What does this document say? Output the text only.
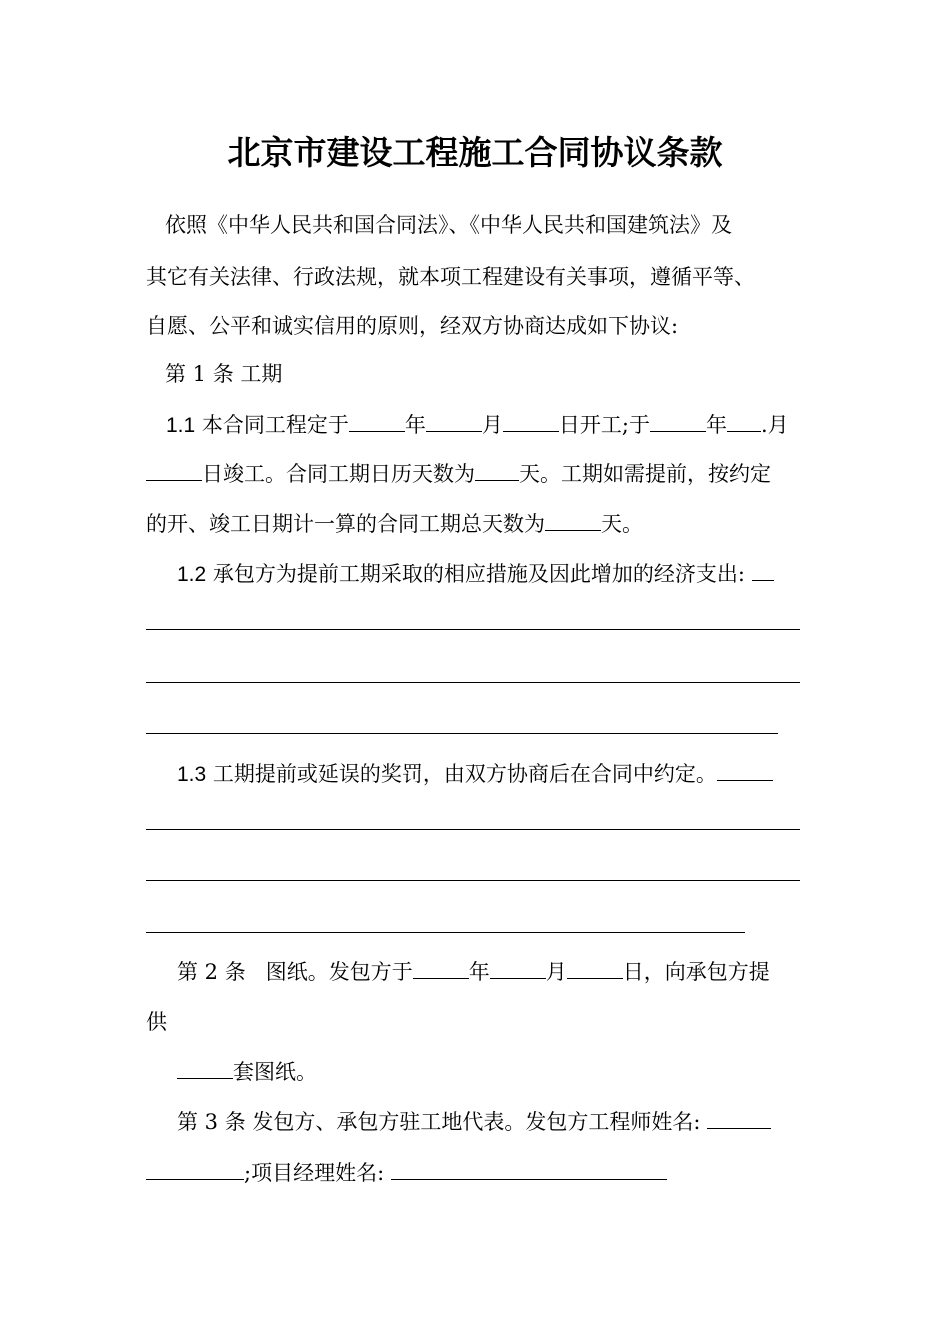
北京市建设工程施工合同协议条款
依照《中华人民共和国合同法》、《中华人民共和国建筑法》及
其它有关法律、行政法规，就本项工程建设有关事项，遵循平等、
自愿、公平和诚实信用的原则，经双方协商达成如下协议:
第 1 条 工期
1.1 本合同工程定于	年	月	日开工;于	年 .月
日竣工。合同工期日历天数为 天。工期如需提前，按约定
的开、竣工日期计一算的合同工期总天数为	天。
1.2 承包方为提前工期采取的相应措施及因此增加的经济支出:
1.3 工期提前或延误的奖罚，由双方协商后在合同中约定。
第 2 条 图纸。发包方于	年	月	日，向承包方提
供
套图纸。
第 3 条 发包方、承包方驻工地代表。发包方工程师姓名:
;项目经理姓名:
